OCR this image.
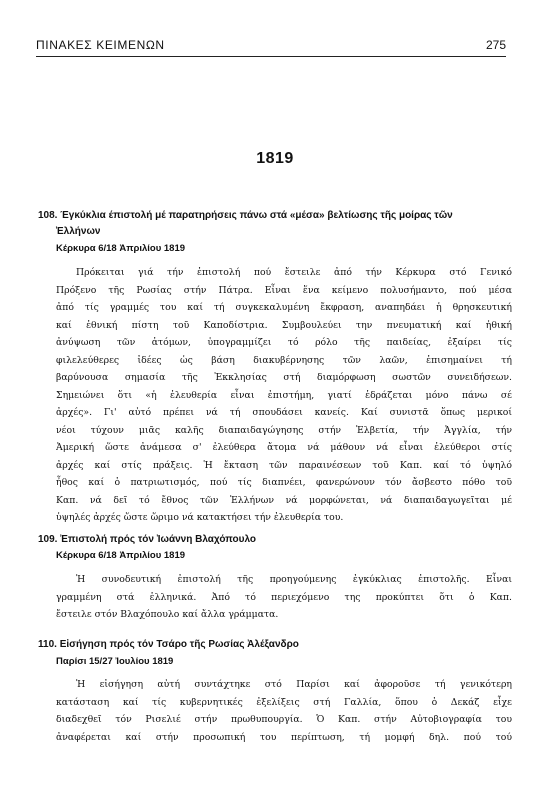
ΠΙΝΑΚΕΣ ΚΕΙΜΕΝΩΝ	275
1819
108. Έγκύκλια έπιστολή μέ παρατηρήσεις πάνω στά «μέσα» βελτίωσης τῆς μοίρας τῶν
Ἑλλήνων
Κέρκυρα 6/18 Ἀπριλίου 1819
Πρόκειται γιά τήν ἐπιστολή πού ἔστειλε ἀπό τήν Κέρκυρα στό Γενικό
Πρόξενο τῆς Ρωσίας στήν Πάτρα. Εἶναι ἕνα κείμενο πολυσήμαντο, πού μέσα
ἀπό τίς γραμμές του καί τή συγκεκαλυμένη ἔκφραση, αναπηδάει ἡ θρησκευτική
καί ἐθνική πίστη τοῦ Καποδίστρια. Συμβουλεύει την πνευματική καί ἠθική
ἀνύψωση τῶν ἀτόμων, ὑπογραμμίζει τό ρόλο τῆς παιδείας, ἐξαίρει τίς
φιλελεύθερες ἰδέες ὡς βάση διακυβέρνησης τῶν λαῶν, ἐπισημαίνει τή
βαρύνουσα σημασία τῆς Ἐκκλησίας στή διαμόρφωση σωστῶν συνειδήσεων.
Σημειώνει ὅτι «ἡ ἐλευθερία εἶναι ἐπιστήμη, γιατί ἑδράζεται μόνο πάνω σέ
ἀρχές». Γι' αὐτό πρέπει νά τή σπουδάσει κανείς. Καί συνιστᾶ ὅπως μερικοί
νέοι τύχουν μιᾶς καλῆς διαπαιδαγώγησης στήν Ἑλβετία, τήν Ἀγγλία, τήν
Ἀμερική ὥστε ἀνάμεσα σ' ἐλεύθερα ἄτομα νά μάθουν νά εἶναι ἐλεύθεροι στίς
ἀρχές καί στίς πράξεις. Ἡ ἔκταση τῶν παραινέσεων τοῦ Καπ. καί τό ὑψηλό
ἦθος καί ὁ πατριωτισμός, πού τίς διαπνέει, φανερώνουν τόν ἄσβεστο πόθο τοῦ
Καπ. νά δεῖ τό ἔθνος τῶν Ἑλλήνων νά μορφώνεται, νά διαπαιδαγωγεῖται μέ
ὑψηλές ἀρχές ὥστε ὥριμο νά κατακτήσει τήν ἐλευθερία του.
109. Ἐπιστολή πρός τόν Ἰωάννη Βλαχόπουλο
Κέρκυρα 6/18 Ἀπριλίου 1819
Ἡ συνοδευτική ἐπιστολή τῆς προηγούμενης ἐγκύκλιας ἐπιστολῆς. Εἶναι
γραμμένη στά ἑλληνικά. Ἀπό τό περιεχόμενο της προκύπτει ὅτι ὁ Καπ.
ἔστειλε στόν Βλαχόπουλο καί ἄλλα γράμματα.
110. Εἰσήγηση πρός τόν Τσάρο τῆς Ρωσίας Ἀλέξανδρο
Παρίσι 15/27 Ἰουλίου 1819
Ἡ εἰσήγηση αὐτή συντάχτηκε στό Παρίσι καί ἀφοροῦσε τή γενικότερη
κατάσταση καί τίς κυβερνητικές ἐξελίξεις στή Γαλλία, ὅπου ὁ Δεκάζ εἶχε
διαδεχθεῖ τόν Ρισελιέ στήν πρωθυπουργία. Ὁ Καπ. στήν Αὐτοβιογραφία του
ἀναφέρεται καί στήν προσωπική του περίπτωση, τή μομφή δηλ. πού τού
